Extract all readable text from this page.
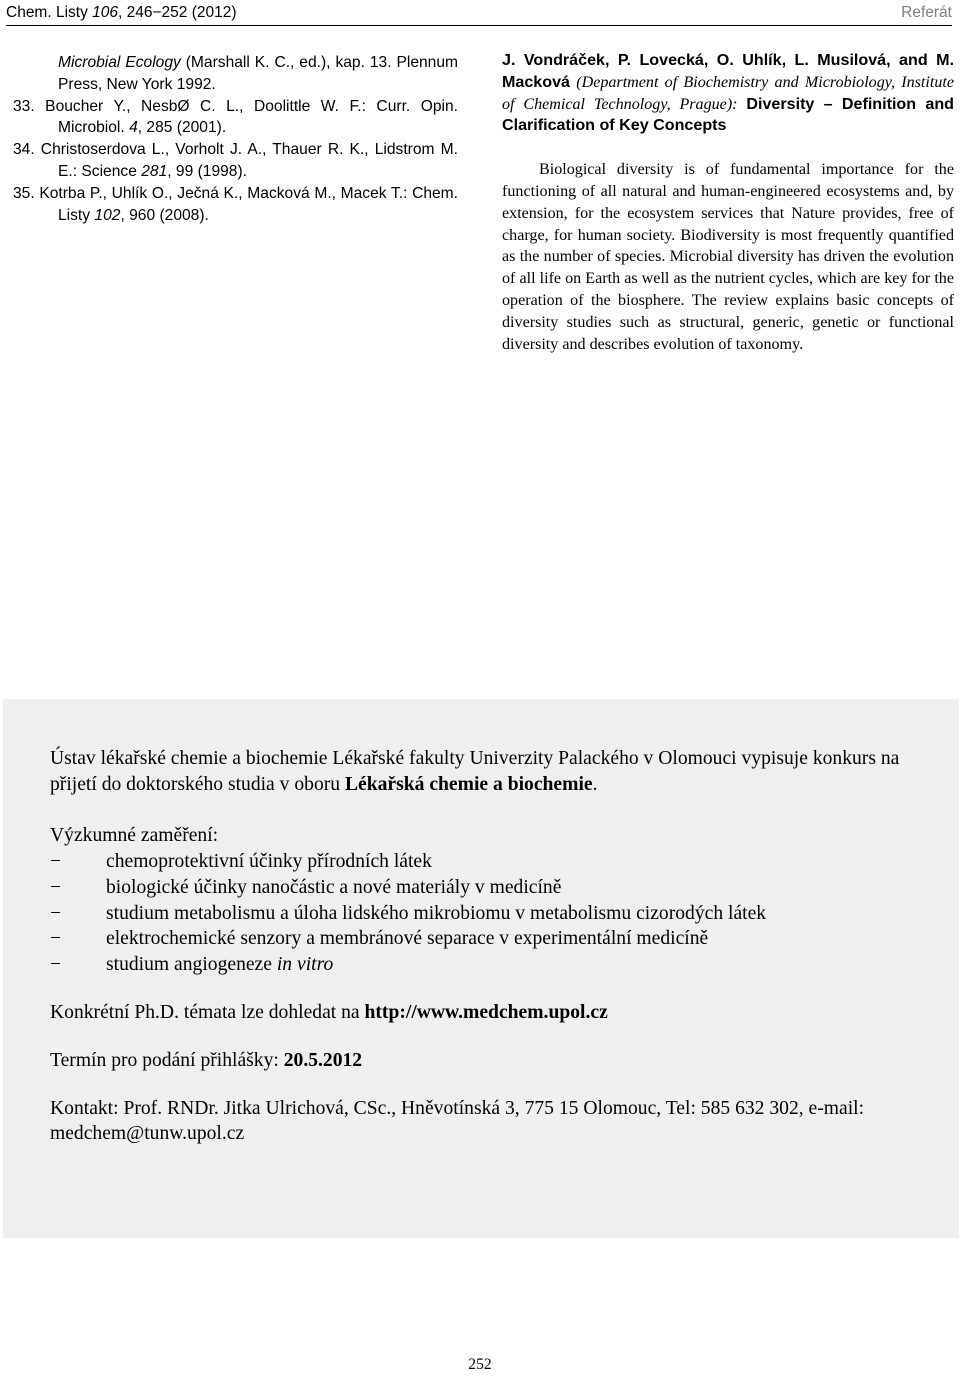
Chem. Listy 106, 246−252 (2012)	Referát

Microbial Ecology (Marshall K. C., ed.), kap. 13. Plennum Press, New York 1992.

33. Boucher Y., NesbØ C. L., Doolittle W. F.: Curr. Opin. Microbiol. 4, 285 (2001).

34. Christoserdova L., Vorholt J. A., Thauer R. K., Lidstrom M. E.: Science 281, 99 (1998).

35. Kotrba P., Uhlík O., Ječná K., Macková M., Macek T.: Chem. Listy 102, 960 (2008).

J. Vondráček, P. Lovecká, O. Uhlík, L. Musilová, and M. Macková (Department of Biochemistry and Microbiology, Institute of Chemical Technology, Prague): Diversity – Definition and Clarification of Key Concepts

Biological diversity is of fundamental importance for the functioning of all natural and human-engineered ecosystems and, by extension, for the ecosystem services that Nature provides, free of charge, for human society. Biodiversity is most frequently quantified as the number of species. Microbial diversity has driven the evolution of all life on Earth as well as the nutrient cycles, which are key for the operation of the biosphere. The review explains basic concepts of diversity studies such as structural, generic, genetic or functional diversity and describes evolution of taxonomy.

Ústav lékařské chemie a biochemie Lékařské fakulty Univerzity Palackého v Olomouci vypisuje konkurs na přijetí do doktorského studia v oboru Lékařská chemie a biochemie.

Výzkumné zaměření:

−	chemoprotektivní účinky přírodních látek
−	biologické účinky nanočástic a nové materiály v medicíně
−	studium metabolismu a úloha lidského mikrobiomu v metabolismu cizorodých látek
−	elektrochemické senzory a membránové separace v experimentální medicíně
−	studium angiogeneze in vitro

Konkrétní Ph.D. témata lze dohledat na http://www.medchem.upol.cz

Termín pro podání přihlášky: 20.5.2012

Kontakt: Prof. RNDr. Jitka Ulrichová, CSc., Hněvotínská 3, 775 15 Olomouc, Tel: 585 632 302, e-mail: medchem@tunw.upol.cz

252
